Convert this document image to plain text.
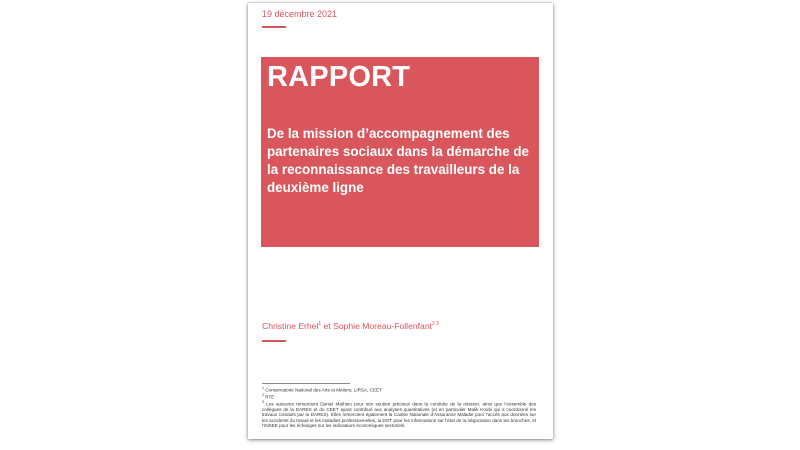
19 décembre 2021
RAPPORT
De la mission d’accompagnement des partenaires sociaux dans la démarche de la reconnaissance des travailleurs de la deuxième ligne
Christine Erhel$^1$ et Sophie Moreau-Follenfant$^{2 3}$
$^1$ Conservatoire National des Arts et Métiers, LIRSA, CEET
$^2$ RTE
$^3$ Les auteures remercient Daniel Mathieu pour son soutien précieux dans la conduite de la mission, ainsi que l’ensemble des collègues de la DARES et du CEET ayant contribué aux analyses quantitatives (et en particulier Malik Koubi qui a coordonné les travaux conduits par la DARES). Elles remercient également la Caisse Nationale d’Assurance Maladie pour l’accès aux données sur les accidents du travail et les maladies professionnelles, la DGT pour les informations sur l’état de la négociation dans les branches, et l’INSEE pour les échanges sur les indicateurs économiques sectoriels.
